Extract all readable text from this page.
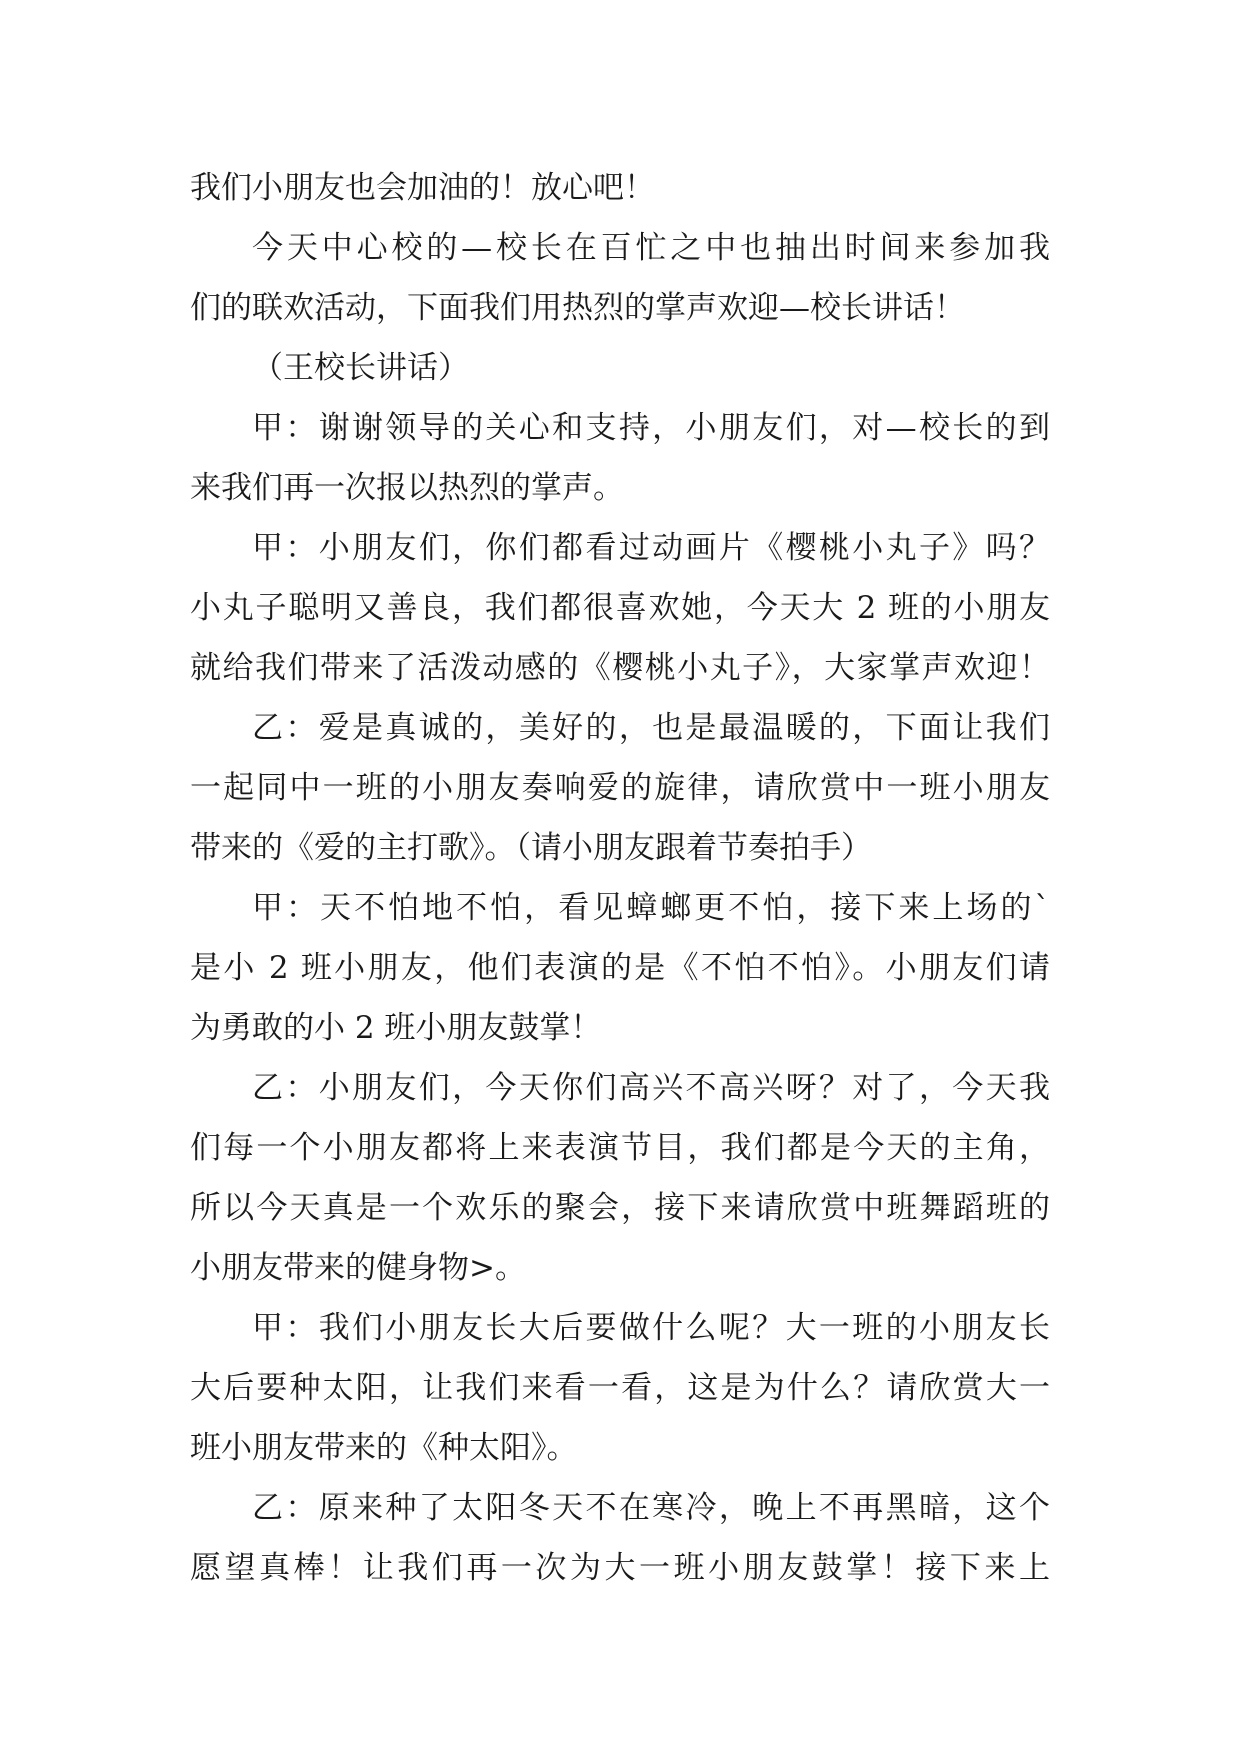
我们小朋友也会加油的！放心吧！
今天中心校的—校长在百忙之中也抽出时间来参加我
们的联欢活动，下面我们用热烈的掌声欢迎—校长讲话！
（王校长讲话）
甲：谢谢领导的关心和支持，小朋友们，对—校长的到
来我们再一次报以热烈的掌声。
甲：小朋友们，你们都看过动画片《樱桃小丸子》吗？
小丸子聪明又善良，我们都很喜欢她，今天大 2 班的小朋友
就给我们带来了活泼动感的《樱桃小丸子》，大家掌声欢迎！
乙：爱是真诚的，美好的，也是最温暖的，下面让我们
一起同中一班的小朋友奏响爱的旋律，请欣赏中一班小朋友
带来的《爱的主打歌》。（请小朋友跟着节奏拍手）
甲：天不怕地不怕，看见蟑螂更不怕，接下来上场的`
是小 2 班小朋友，他们表演的是《不怕不怕》。小朋友们请
为勇敢的小 2 班小朋友鼓掌！
乙：小朋友们，今天你们高兴不高兴呀？对了，今天我
们每一个小朋友都将上来表演节目，我们都是今天的主角，
所以今天真是一个欢乐的聚会，接下来请欣赏中班舞蹈班的
小朋友带来的健身物>。
甲：我们小朋友长大后要做什么呢？大一班的小朋友长
大后要种太阳，让我们来看一看，这是为什么？请欣赏大一
班小朋友带来的《种太阳》。
乙：原来种了太阳冬天不在寒冷，晚上不再黑暗，这个
愿望真棒！让我们再一次为大一班小朋友鼓掌！接下来上
